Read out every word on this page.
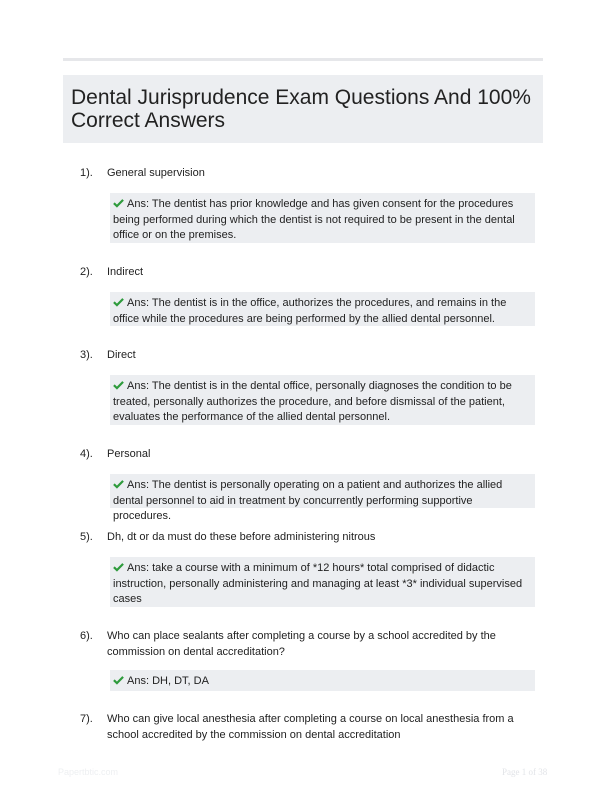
Dental Jurisprudence Exam Questions And 100% Correct Answers
1). General supervision
Ans: The dentist has prior knowledge and has given consent for the procedures being performed during which the dentist is not required to be present in the dental office or on the premises.
2). Indirect
Ans: The dentist is in the office, authorizes the procedures, and remains in the office while the procedures are being performed by the allied dental personnel.
3). Direct
Ans: The dentist is in the dental office, personally diagnoses the condition to be treated, personally authorizes the procedure, and before dismissal of the patient, evaluates the performance of the allied dental personnel.
4). Personal
Ans: The dentist is personally operating on a patient and authorizes the allied dental personnel to aid in treatment by concurrently performing supportive procedures.
5). Dh, dt or da must do these before administering nitrous
Ans: take a course with a minimum of *12 hours* total comprised of didactic instruction, personally administering and managing at least *3* individual supervised cases
6). Who can place sealants after completing a course by a school accredited by the commission on dental accreditation?
Ans: DH, DT, DA
7). Who can give local anesthesia after completing a course on local anesthesia from a school accredited by the commission on dental accreditation
Papertbtic.com	Page 1 of 38
